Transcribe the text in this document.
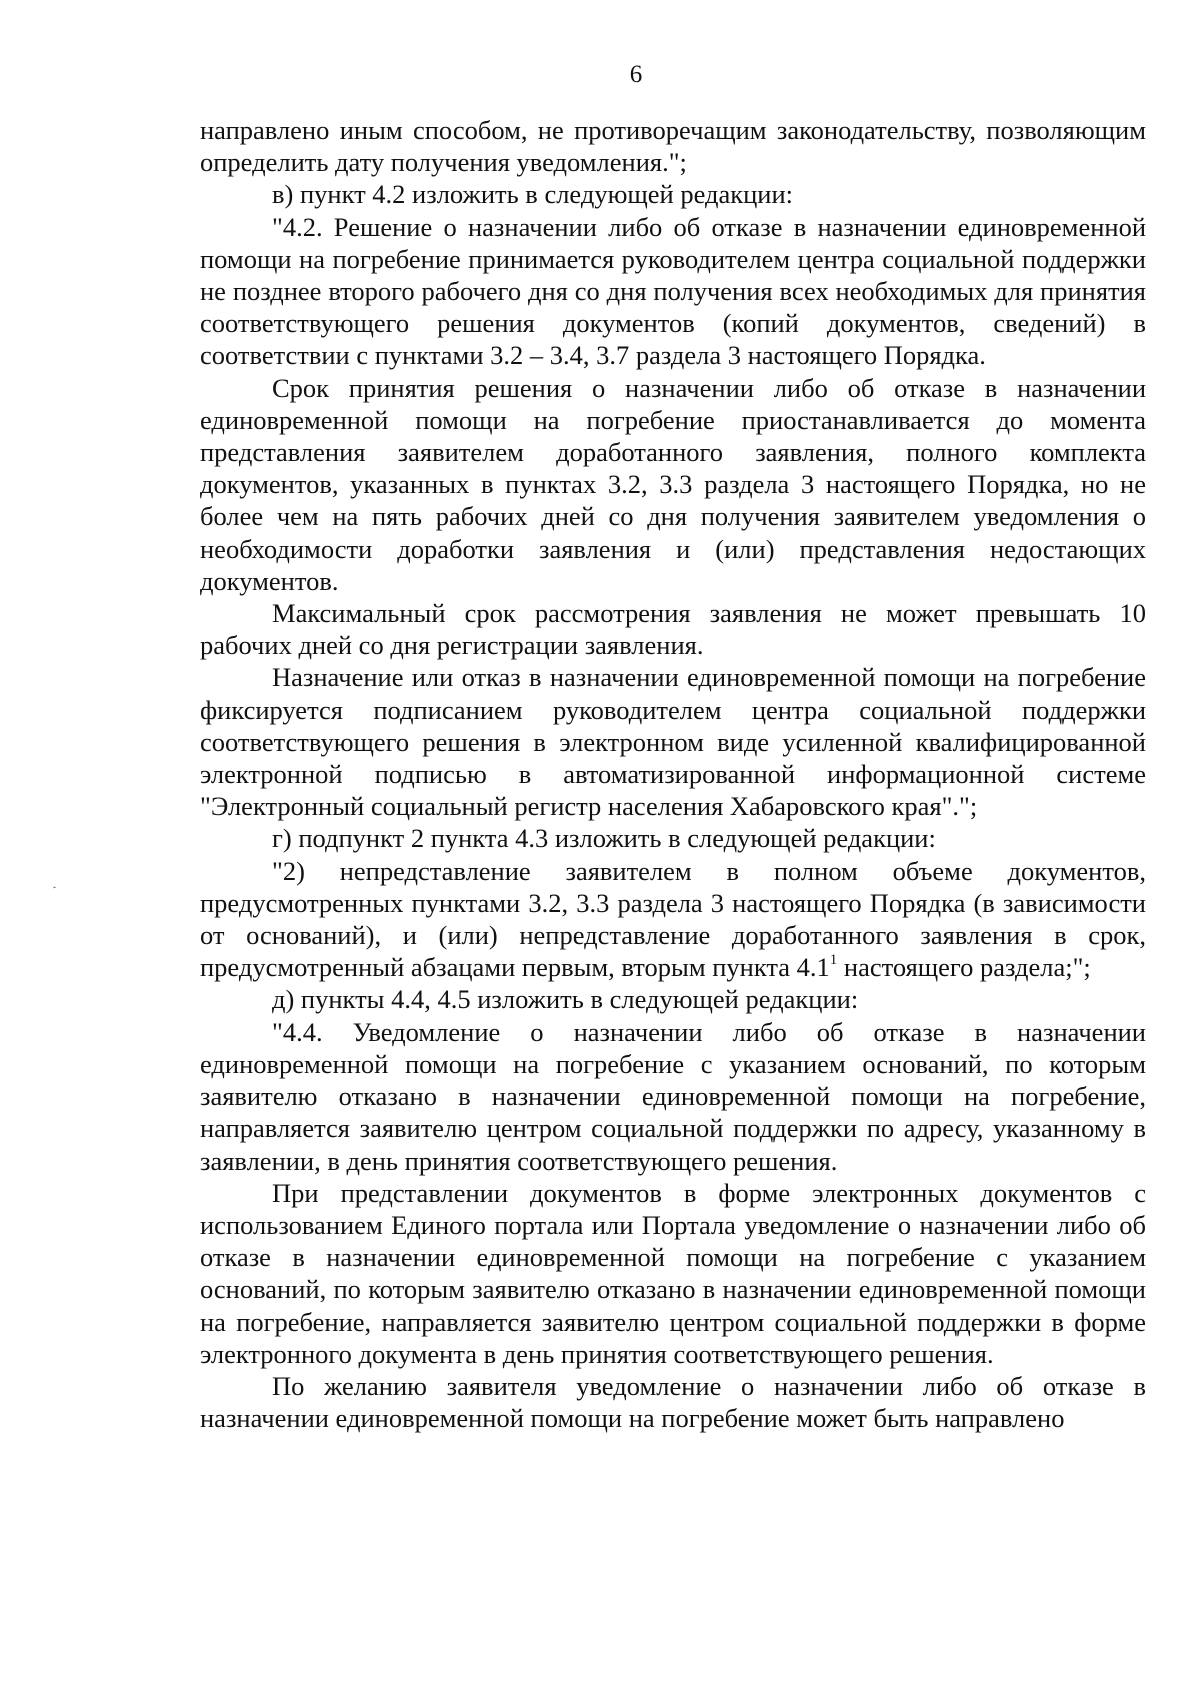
6

направлено иным способом, не противоречащим законодательству, позволяющим определить дату получения уведомления.";

в) пункт 4.2 изложить в следующей редакции:

"4.2. Решение о назначении либо об отказе в назначении единовременной помощи на погребение принимается руководителем центра социальной поддержки не позднее второго рабочего дня со дня получения всех необходимых для принятия соответствующего решения документов (копий документов, сведений) в соответствии с пунктами 3.2 – 3.4, 3.7 раздела 3 настоящего Порядка.

Срок принятия решения о назначении либо об отказе в назначении единовременной помощи на погребение приостанавливается до момента представления заявителем доработанного заявления, полного комплекта документов, указанных в пунктах 3.2, 3.3 раздела 3 настоящего Порядка, но не более чем на пять рабочих дней со дня получения заявителем уведомления о необходимости доработки заявления и (или) представления недостающих документов.

Максимальный срок рассмотрения заявления не может превышать 10 рабочих дней со дня регистрации заявления.

Назначение или отказ в назначении единовременной помощи на погребение фиксируется подписанием руководителем центра социальной поддержки соответствующего решения в электронном виде усиленной квалифицированной электронной подписью в автоматизированной информационной системе "Электронный социальный регистр населения Хабаровского края".";

г) подпункт 2 пункта 4.3 изложить в следующей редакции:

"2) непредставление заявителем в полном объеме документов, предусмотренных пунктами 3.2, 3.3 раздела 3 настоящего Порядка (в зависимости от оснований), и (или) непредставление доработанного заявления в срок, предусмотренный абзацами первым, вторым пункта $4.1^1$ настоящего раздела;";

д) пункты 4.4, 4.5 изложить в следующей редакции:

"4.4. Уведомление о назначении либо об отказе в назначении единовременной помощи на погребение с указанием оснований, по которым заявителю отказано в назначении единовременной помощи на погребение, направляется заявителю центром социальной поддержки по адресу, указанному в заявлении, в день принятия соответствующего решения.

При представлении документов в форме электронных документов с использованием Единого портала или Портала уведомление о назначении либо об отказе в назначении единовременной помощи на погребение с указанием оснований, по которым заявителю отказано в назначении единовременной помощи на погребение, направляется заявителю центром социальной поддержки в форме электронного документа в день принятия соответствующего решения.

По желанию заявителя уведомление о назначении либо об отказе в назначении единовременной помощи на погребение может быть направлено

´
